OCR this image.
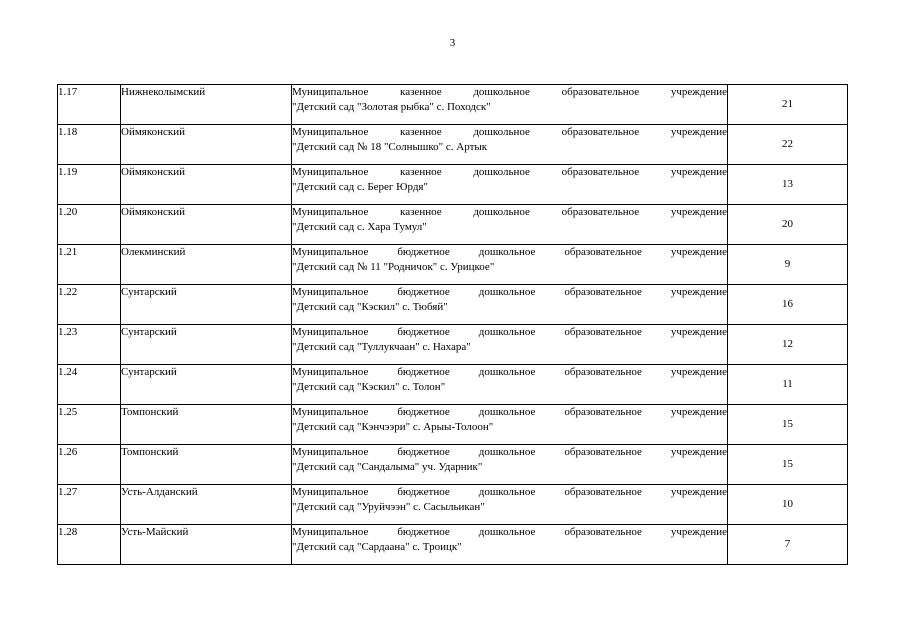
3
1.17	Нижнеколымский	Муниципальное казенное дошкольное образовательное учреждение
"Детский сад "Золотая рыбка" с. Походск"	21
1.18	Оймяконский	Муниципальное казенное дошкольное образовательное учреждение
"Детский сад № 18 "Солнышко" с. Артык	22
1.19	Оймяконский	Муниципальное казенное дошкольное образовательное учреждение
"Детский сад с. Берег Юрдя"	13
1.20	Оймяконский	Муниципальное казенное дошкольное образовательное учреждение
"Детский сад с. Хара Тумул"	20
1.21	Олекминский	Муниципальное бюджетное дошкольное образовательное учреждение
"Детский сад № 11 "Родничок" с. Урицкое"	9
1.22	Сунтарский	Муниципальное бюджетное дошкольное образовательное учреждение
"Детский сад "Кэскил" с. Тюбяй"	16
1.23	Сунтарский	Муниципальное бюджетное дошкольное образовательное учреждение
"Детский сад "Туллукчаан" с. Нахара"	12
1.24	Сунтарский	Муниципальное бюджетное дошкольное образовательное учреждение
"Детский сад "Кэскил" с. Толон"	11
1.25	Томпонский	Муниципальное бюджетное дошкольное образовательное учреждение
"Детский сад "Кэнчээри" с. Арыы-Толоон"	15
1.26	Томпонский	Муниципальное бюджетное дошкольное образовательное учреждение
"Детский сад "Сандалыма" уч. Ударник"	15
1.27	Усть-Алданский	Муниципальное бюджетное дошкольное образовательное учреждение
"Детский сад "Уруйчээн" с. Сасыльикан"	10
1.28	Усть-Майский	Муниципальное бюджетное дошкольное образовательное учреждение
"Детский сад "Сардаана" с. Троицк"	7
